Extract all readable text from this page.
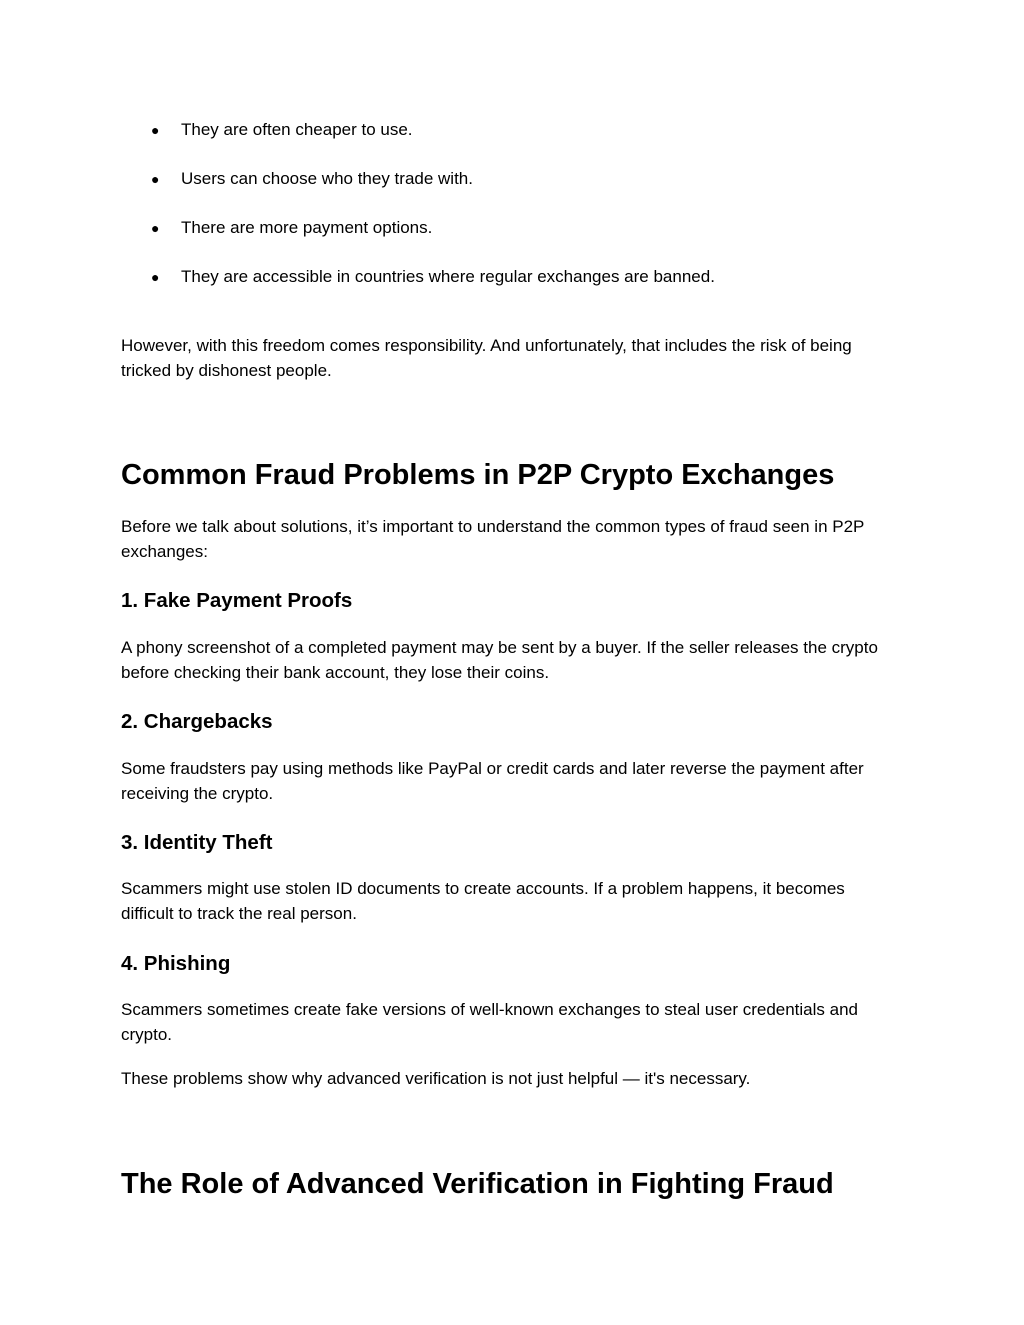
● They are often cheaper to use.
● Users can choose who they trade with.
● There are more payment options.
● They are accessible in countries where regular exchanges are banned.

However, with this freedom comes responsibility. And unfortunately, that includes the risk of being tricked by dishonest people.

Common Fraud Problems in P2P Crypto Exchanges

Before we talk about solutions, it’s important to understand the common types of fraud seen in P2P exchanges:

1. Fake Payment Proofs

A phony screenshot of a completed payment may be sent by a buyer. If the seller releases the crypto before checking their bank account, they lose their coins.

2. Chargebacks

Some fraudsters pay using methods like PayPal or credit cards and later reverse the payment after receiving the crypto.

3. Identity Theft

Scammers might use stolen ID documents to create accounts. If a problem happens, it becomes difficult to track the real person.

4. Phishing

Scammers sometimes create fake versions of well-known exchanges to steal user credentials and crypto.

These problems show why advanced verification is not just helpful — it's necessary.

The Role of Advanced Verification in Fighting Fraud
